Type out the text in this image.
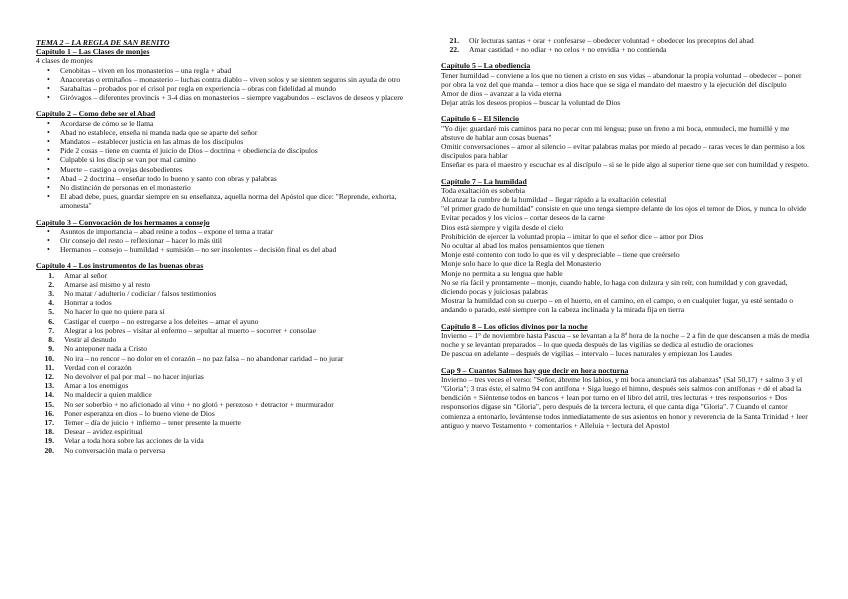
TEMA 2 – LA REGLA DE SAN BENITO
Capítulo 1 – Las Clases de monjes
4 clases de monjes
• Cenobitas – viven en los monasterios – una regla + abad
• Anacoretas o ermitaños – monasterio – luchas contra diablo – viven solos y se sienten seguros sin ayuda de otro
• Sarabaítas – probados por el crisol por regla en experiencia – obras con fidelidad al mundo
• Giróvagos – diferentes provincis + 3-4 días en monasterios – siempre vagabundos – esclavos de deseos y placere
Capítulo 2 – Como debe ser el Abad
• Acordarse de cómo se le llama
• Abad no establece, enseña ni manda nada que se aparte del señor
• Mandatos – establecer justicia en las almas de los discípulos
• Pide 2 cosas – tiene en cuenta el juicio de Dios – doctrina + obediencia de discípulos
• Culpable si los discip se van por mal camino
• Muerte – castigo a ovejas desobedientes
• Abad – 2 doctrina – enseñar todo lo bueno y santo con obras y palabras
• No distinción de personas en el monasterio
• El abad debe, pues, guardar siempre en su enseñanza, aquella norma del Apóstol que dice: "Reprende, exhorta, amonesta"
Capítulo 3 – Convocación de los hermanos a consejo
• Asuntos de importancia – abad reúne a todos – expone el tema a tratar
• Oir consejo del resto – reflexionar – hacer lo más útil
• Hermanos – consejo – humildad + sumisión – no ser insolentes – decisión final es del abad
Capítulo 4 – Los instrumentos de las buenas obras
1. Amar al señor
2. Amarse así mismo y al resto
3. No matar / adulterio / codiciar / falsos testimonios
4. Honrrar a todos
5. No hacer lo que no quiere para sí
6. Castigar el cuerpo – no estregarse a los deleites – amar el ayuno
7. Alegrar a los pobres – visitar al enfermo – sepultar al muerto – socorrer + consolae
8. Vestir al desnudo
9. No anteponer nada a Cristo
10. No ira – no rencor – no dolor en el corazón – no paz falsa – no abandonar caridad – no jurar
11. Verdad con el corazón
12. No devolver el pal por mal – no hacer injurias
13. Amar a los enemigos
14. No maldecir a quien maldice
15. No ser soberbio + no aficionado al vino + no glotó + perezoso + detractor + murmurador
16. Poner esperanza en dios – lo bueno viene de Dios
17. Temer – día de juicio + infierno – tener presente la muerte
18. Desear – avidez espiritual
19. Velar a toda hora sobre las acciones de la vida
20. No conversación mala o perversa
21. Oír lecturas santas + orar + confesarse – obedecer voluntad + obedecer los preceptos del abad
22. Amar castidad + no odiar + no celos + no envidia + no contienda
Capítulo 5 – La obediencia
Tener humildad – conviene a los que no tienen a cristo en sus vidas – abandonar la propia voluntad – obedecer – poner por obra la voz del que manda – temor a dios hace que se siga el mandato del maestro y la ejecución del discípulo
Amor de dios – avanzar a la vida eterna
Dejar atrás los deseos propios – buscar la voluntad de Dios
Capítulo 6 – El Silencio
"Yo dije: guardaré mis caminos para no pecar con mi lengua; puse un freno a mi boca, enmudecí, me humillé y me abstuve de hablar aun cosas buenas"
Omitir conversaciones – amor al silencio – evitar palabras malas por miedo al pecado – raras veces le dan permiso a los discípulos para hablar
Enseñar es para el maestro y escuchar es al discípulo – si se le pide algo al superior tiene que ser con humildad y respeto.
Capítulo 7 – La humildad
Toda exaltación es soberbia
Alcanzar la cumbre de la humildad – llegar rápido a la exaltación celestial
"el primer grado de humildad" consiste en que uno tenga siempre delante de los ojos el temor de Dios, y nunca lo olvide
Evitar pecados y los vicios – cortar deseos de la carne
Dios está siempre y vigila desde el cielo
Prohibición de ejercer la voluntad propia – imitar lo que el señor dice – amor por Dios
No ocultar al abad los malos pensamientos que tienen
Monje esté contento con todo lo que es vil y despreciable – tiene que creérselo
Monje solo hace lo que dice la Regla del Monasterio
Monje no permita a su lengua que hable
No se ría fácil y prontamente – monje, cuando hable, lo haga con dulzura y sin reír, con humildad y con gravedad, diciendo pocas y juiciosas palabras
Mostrar la humildad con su cuerpo – en el huerto, en el camino, en el campo, o en cualquier lugar, ya esté sentado o andando o parado, esté siempre con la cabeza inclinada y la mirada fija en tierra
Capítulo 8 – Los oficios divinos por la noche
Invierno – 1° de noviembre hasta Pascua – se levantan a la 8ª hora de la noche – 2 a fin de que descansen a más de media noche y se levantan preparados – lo que queda después de las vigilias se dedica al estudio de oraciones
De pascua en adelante – después de vigilias – intervalo – luces naturales y empiezan los Laudes
Cap 9 – Cuantos Salmos hay que decir en hora nocturna
Invierno – tres veces el verso: "Señor, ábreme los labios, y mi boca anunciará tus alabanzas" (Sal 50,17) + salmo 3 y el "Gloria"; 3 tras éste, el salmo 94 con antífona + Siga luego el himno, después seis salmos con antífonas + dé el abad la bendición + Siéntense todos en bancos + lean por turno en el libro del atril, tres lecturas + tres responsorios + Dos responsorios dígase sin "Gloria", pero después de la tercera lectura, el que canta diga "Gloria". 7 Cuando el cantor comienza a entonarlo, levántense todos inmediatamente de sus asientos en honor y reverencia de la Santa Trinidad + leer antiguo y nuevo Testamento + comentarios + Alleluia + lectura del Apostol
